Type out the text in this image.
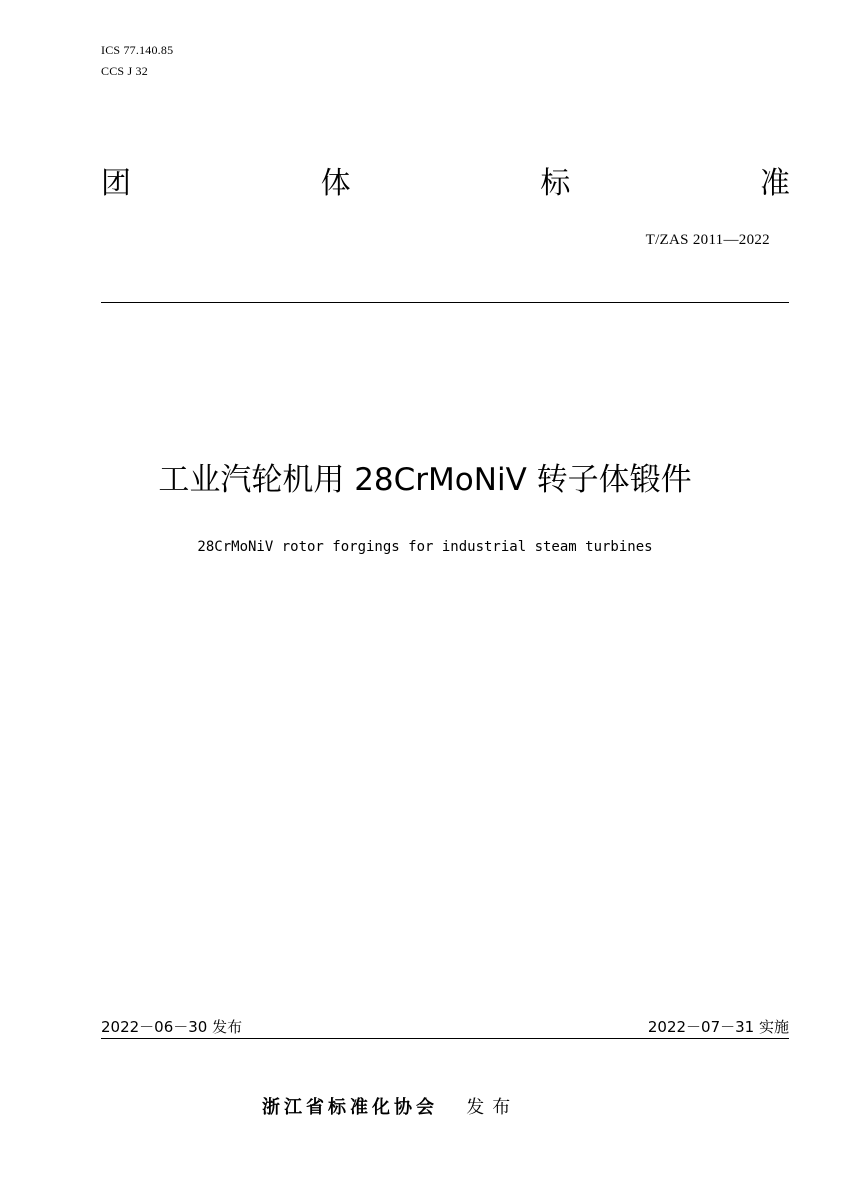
ICS 77.140.85
CCS J 32
团	体	标	准
T/ZAS 2011—2022
工业汽轮机用 28CrMoNiV 转子体锻件
28CrMoNiV rotor forgings for industrial steam turbines
2022－06－30 发布	2022－07－31 实施
浙江省标准化协会 发布
